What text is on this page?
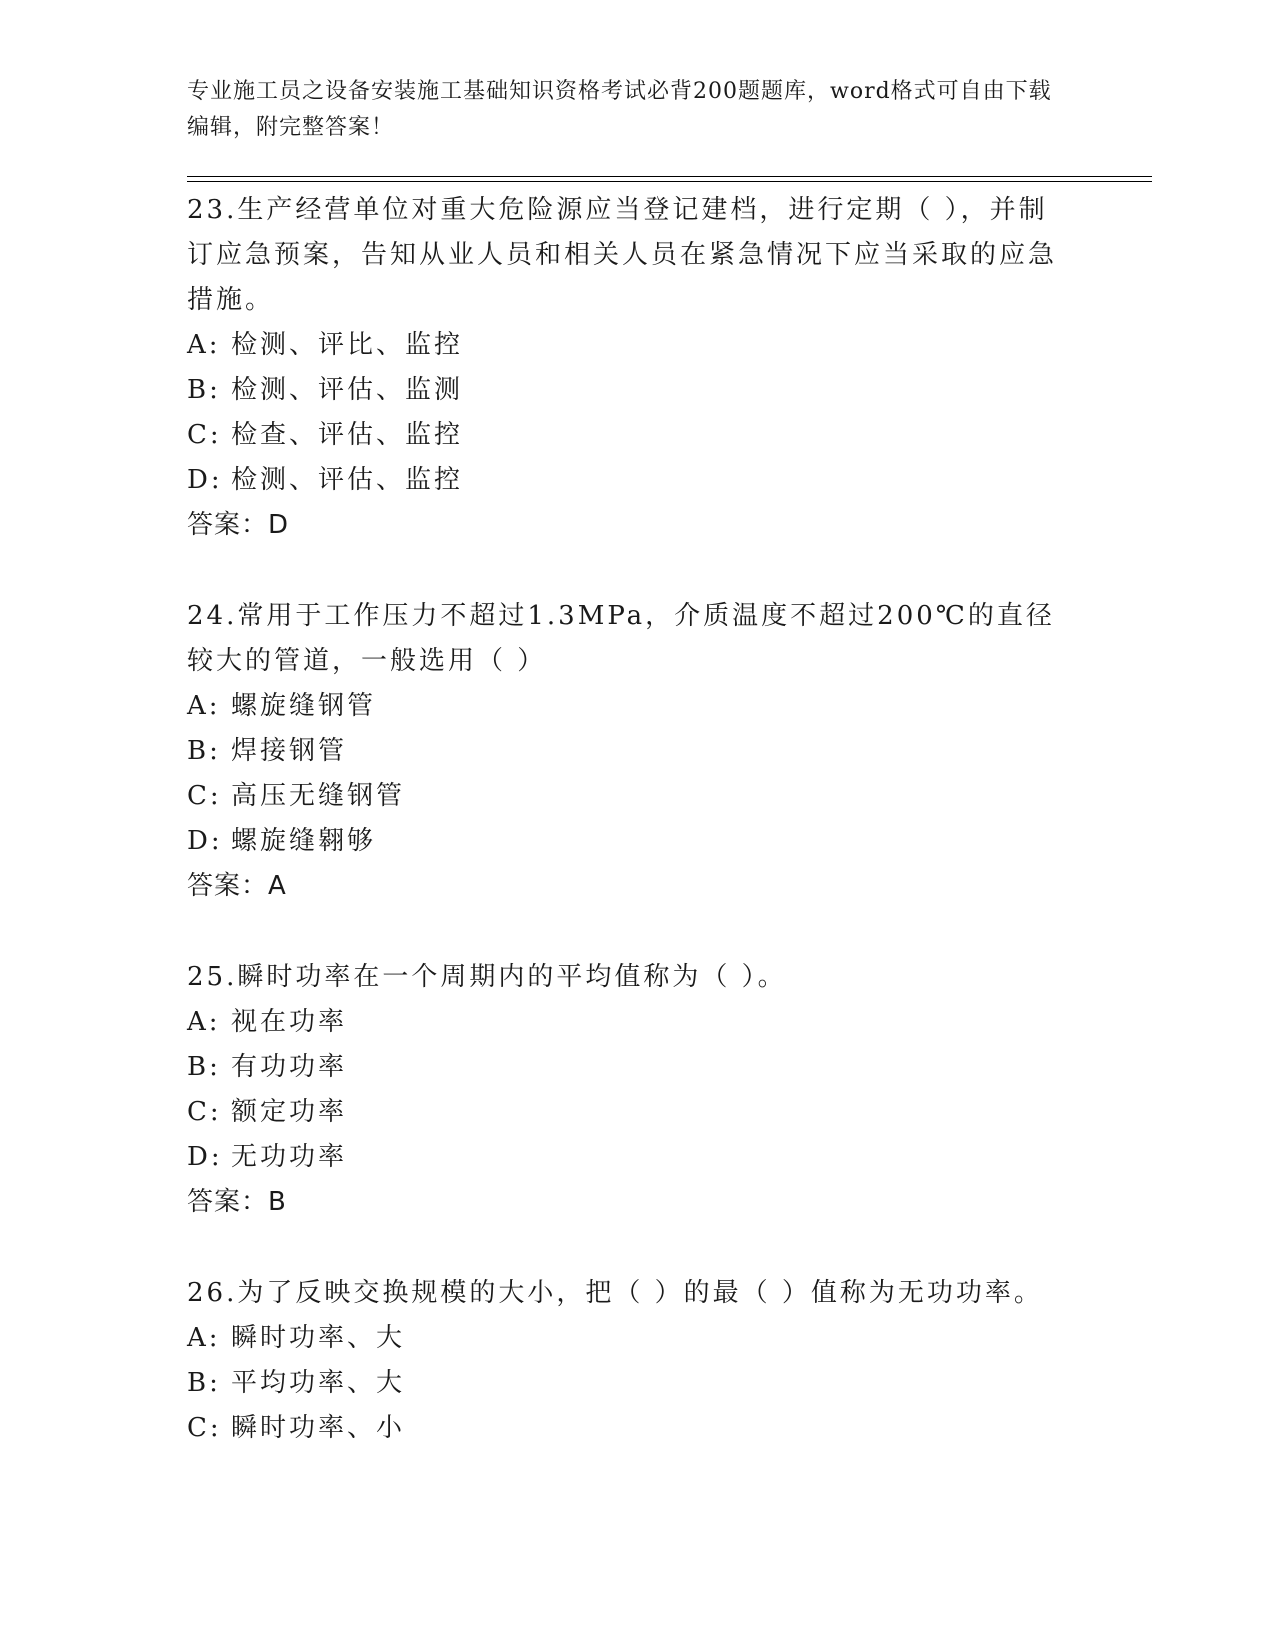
专业施工员之设备安装施工基础知识资格考试必背200题题库，word格式可自由下载编辑，附完整答案！
23.生产经营单位对重大危险源应当登记建档，进行定期（ ），并制订应急预案，告知从业人员和相关人员在紧急情况下应当采取的应急措施。
A: 检测、评比、监控
B: 检测、评估、监测
C: 检查、评估、监控
D: 检测、评估、监控
答案：D
24.常用于工作压力不超过1.3MPa，介质温度不超过200℃的直径较大的管道，一般选用（ ）
A: 螺旋缝钢管
B: 焊接钢管
C: 高压无缝钢管
D: 螺旋缝翱够
答案：A
25.瞬时功率在一个周期内的平均值称为（ ）。
A: 视在功率
B: 有功功率
C: 额定功率
D: 无功功率
答案：B
26.为了反映交换规模的大小，把（ ）的最（ ）值称为无功功率。
A: 瞬时功率、大
B: 平均功率、大
C: 瞬时功率、小
